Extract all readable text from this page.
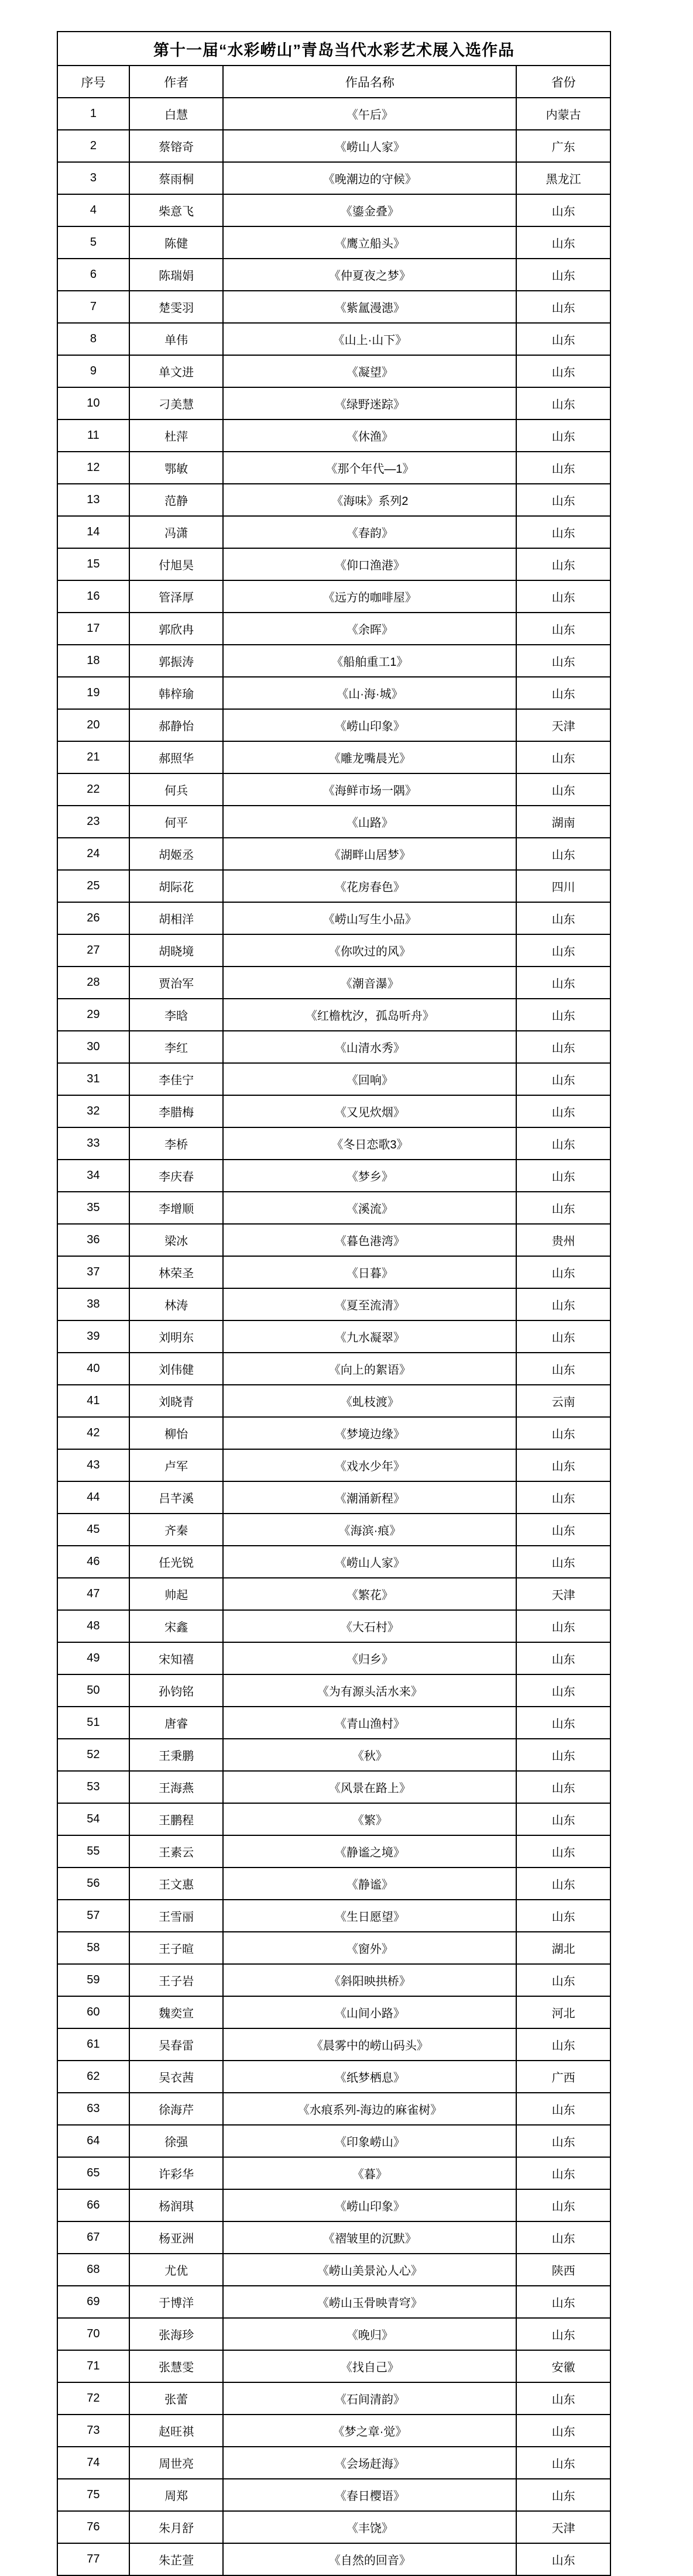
第十一届“水彩崂山”青岛当代水彩艺术展入选作品			
序号	作者	作品名称	省份
1	白慧	《午后》	内蒙古
2	蔡镕奇	《崂山人家》	广东
3	蔡雨桐	《晚潮边的守候》	黑龙江
4	柴意飞	《鎏金叠》	山东
5	陈健	《鹰立船头》	山东
6	陈瑞娟	《仲夏夜之梦》	山东
7	楚雯羽	《紫氲漫漶》	山东
8	单伟	《山上·山下》	山东
9	单文进	《凝望》	山东
10	刁美慧	《绿野迷踪》	山东
11	杜萍	《休渔》	山东
12	鄂敏	《那个年代—1》	山东
13	范静	《海味》系列2	山东
14	冯潇	《春韵》	山东
15	付旭昊	《仰口渔港》	山东
16	管泽厚	《远方的咖啡屋》	山东
17	郭欣冉	《余晖》	山东
18	郭振涛	《船舶重工1》	山东
19	韩梓瑜	《山·海·城》	山东
20	郝静怡	《崂山印象》	天津
21	郝照华	《雕龙嘴晨光》	山东
22	何兵	《海鲜市场一隅》	山东
23	何平	《山路》	湖南
24	胡姬丞	《湖畔山居梦》	山东
25	胡际花	《花房春色》	四川
26	胡相洋	《崂山写生小品》	山东
27	胡晓境	《你吹过的风》	山东
28	贾治军	《潮音瀑》	山东
29	李晗	《红檐枕汐，孤岛听舟》	山东
30	李红	《山清水秀》	山东
31	李佳宁	《回响》	山东
32	李腊梅	《又见炊烟》	山东
33	李桥	《冬日恋歌3》	山东
34	李庆春	《梦乡》	山东
35	李增顺	《溪流》	山东
36	梁冰	《暮色港湾》	贵州
37	林荣圣	《日暮》	山东
38	林涛	《夏至流清》	山东
39	刘明东	《九水凝翠》	山东
40	刘伟健	《向上的絮语》	山东
41	刘晓青	《虬枝渡》	云南
42	柳怡	《梦境边缘》	山东
43	卢军	《戏水少年》	山东
44	吕芊溪	《潮涌新程》	山东
45	齐秦	《海滨·痕》	山东
46	任光锐	《崂山人家》	山东
47	帅起	《繁花》	天津
48	宋鑫	《大石村》	山东
49	宋知禧	《归乡》	山东
50	孙钧铭	《为有源头活水来》	山东
51	唐睿	《青山渔村》	山东
52	王秉鹏	《秋》	山东
53	王海燕	《风景在路上》	山东
54	王鹏程	《繁》	山东
55	王素云	《静谧之境》	山东
56	王文惠	《静谧》	山东
57	王雪丽	《生日愿望》	山东
58	王子暄	《窗外》	湖北
59	王子岩	《斜阳映拱桥》	山东
60	魏奕宣	《山间小路》	河北
61	吴春雷	《晨雾中的崂山码头》	山东
62	吴衣茜	《纸梦栖息》	广西
63	徐海芹	《水痕系列-海边的麻雀树》	山东
64	徐强	《印象崂山》	山东
65	许彩华	《暮》	山东
66	杨润琪	《崂山印象》	山东
67	杨亚洲	《褶皱里的沉默》	山东
68	尤优	《崂山美景沁人心》	陕西
69	于博洋	《崂山玉骨映青穹》	山东
70	张海珍	《晚归》	山东
71	张慧雯	《找自己》	安徽
72	张蕾	《石间清韵》	山东
73	赵旺祺	《梦之章·觉》	山东
74	周世亮	《会场赶海》	山东
75	周郑	《春日樱语》	山东
76	朱月舒	《丰饶》	天津
77	朱芷萱	《自然的回音》	山东
